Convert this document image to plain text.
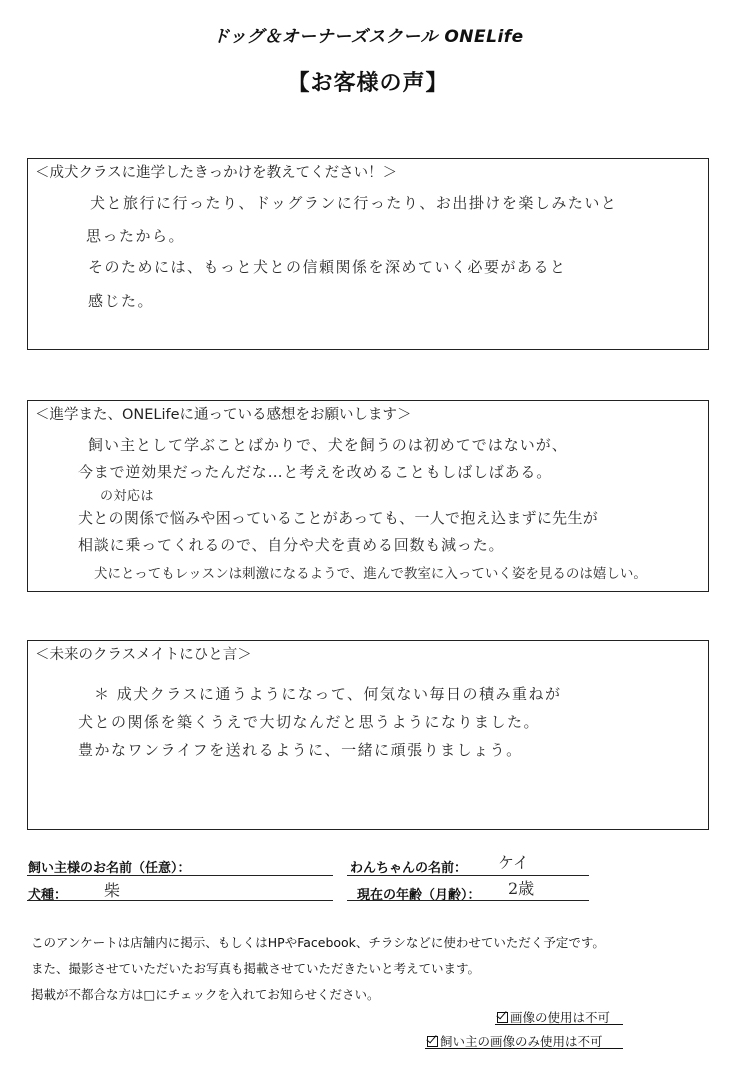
ドッグ＆オーナーズスクール ONELife
【お客様の声】
＜成犬クラスに進学したきっかけを教えてください！＞
犬と旅行に行ったり、ドッグランに行ったり、お出掛けを楽しみたいと
思ったから。
そのためには、もっと犬との信頼関係を深めていく必要があると
感じた。
＜進学また、ONELifeに通っている感想をお願いします＞
飼い主として学ぶことばかりで、犬を飼うのは初めてではないが、
今まで逆効果だったんだな…と考えを改めることもしばしばある。
の対応は
犬との関係で悩みや困っていることがあっても、一人で抱え込まずに先生が
相談に乗ってくれるので、自分や犬を責める回数も減った。
犬にとってもレッスンは刺激になるようで、進んで教室に入っていく姿を見るのは嬉しい。
＜未来のクラスメイトにひと言＞
＊ 成犬クラスに通うようになって、何気ない毎日の積み重ねが
犬との関係を築くうえで大切なんだと思うようになりました。
豊かなワンライフを送れるように、一緒に頑張りましょう。
飼い主様のお名前（任意）：	わんちゃんの名前： ケイ
犬種： 柴	現在の年齢（月齢）： 2歳
このアンケートは店舗内に掲示、もしくはHPやFacebook、チラシなどに使わせていただく予定です。
また、撮影させていただいたお写真も掲載させていただきたいと考えています。
掲載が不都合な方は□にチェックを入れてお知らせください。
画像の使用は不可
飼い主の画像のみ使用は不可
